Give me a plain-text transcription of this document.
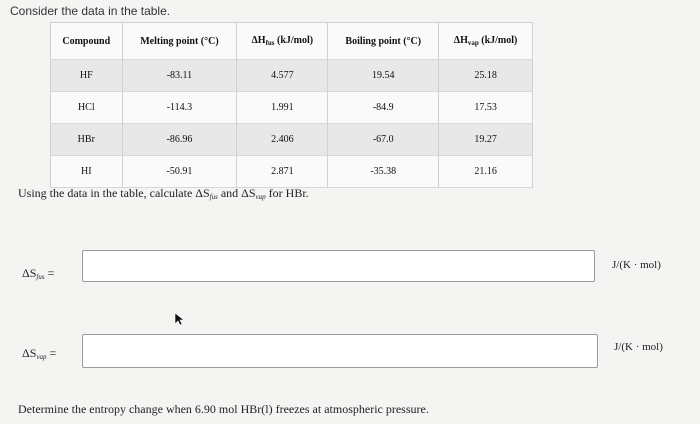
Consider the data in the table.
Compound	Melting point (°C)	$\Delta H_{fus}$ (kJ/mol)	Boiling point (°C)	$\Delta H_{vap}$ (kJ/mol)
HF	-83.11	4.577	19.54	25.18
HCl	-114.3	1.991	-84.9	17.53
HBr	-86.96	2.406	-67.0	19.27
HI	-50.91	2.871	-35.38	21.16
Using the data in the table, calculate $\Delta S_{fus}$ and $\Delta S_{vap}$ for HBr.
$\Delta S_{fus}$ =
J/(K · mol)
$\Delta S_{vap}$ =	J/(K · mol)
Determine the entropy change when 6.90 mol HBr(l) freezes at atmospheric pressure.
